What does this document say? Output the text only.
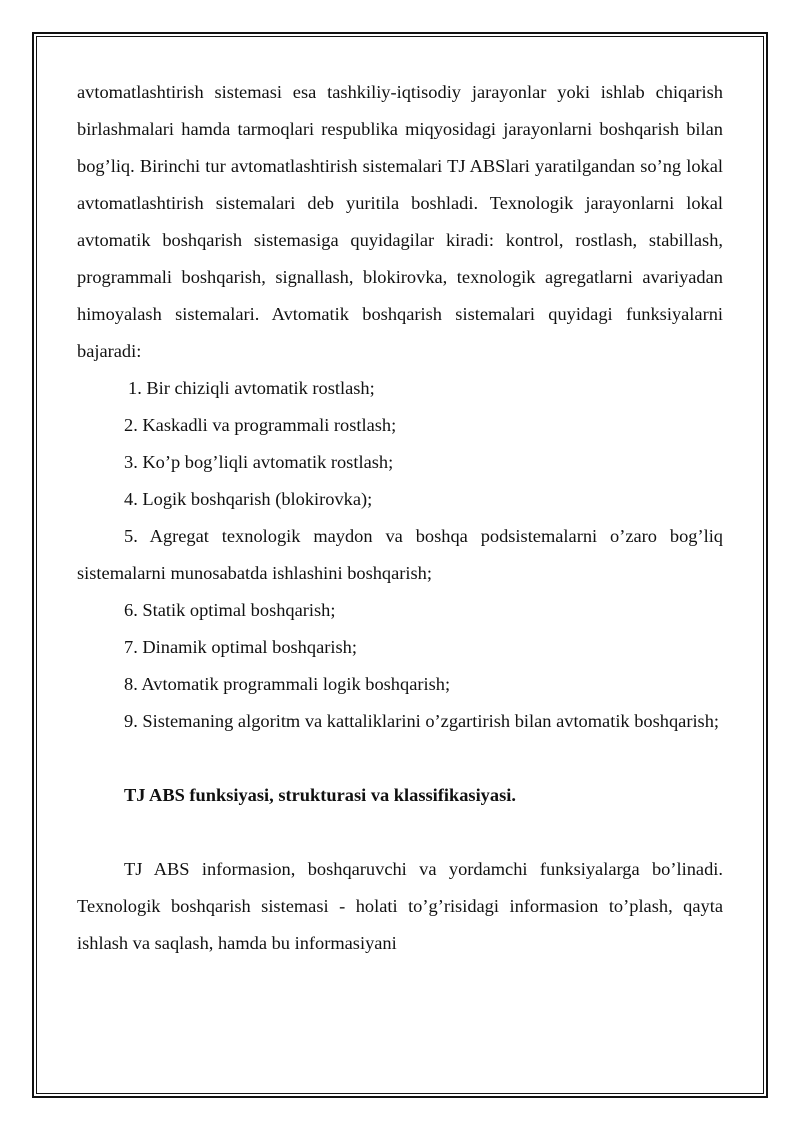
avtomatlashtirish sistemasi esa tashkiliy-iqtisodiy jarayonlar yoki ishlab chiqarish birlashmalari hamda tarmoqlari respublika miqyosidagi jarayonlarni boshqarish bilan bog’liq. Birinchi tur avtomatlashtirish sistemalari TJ ABSlari yaratilgandan so’ng lokal avtomatlashtirish sistemalari deb yuritila boshladi. Texnologik jarayonlarni lokal avtomatik boshqarish sistemasiga quyidagilar kiradi: kontrol, rostlash, stabillash, programmali boshqarish, signallash, blokirovka, texnologik agregatlarni avariyadan himoyalash sistemalari. Avtomatik boshqarish sistemalari quyidagi funksiyalarni bajaradi:

1. Bir chiziqli avtomatik rostlash;

2. Kaskadli va programmali rostlash;

3. Ko’p bog’liqli avtomatik rostlash;

4. Logik boshqarish (blokirovka);

5. Agregat texnologik maydon va boshqa podsistemalarni o’zaro bog’liq sistemalarni munosabatda ishlashini boshqarish;

6. Statik optimal boshqarish;

7. Dinamik optimal boshqarish;

8. Avtomatik programmali logik boshqarish;

9. Sistemaning algoritm va kattaliklarini o’zgartirish bilan avtomatik boshqarish;

TJ ABS funksiyasi, strukturasi va klassifikasiyasi.

TJ ABS informasion, boshqaruvchi va yordamchi funksiyalarga bo’linadi. Texnologik boshqarish sistemasi - holati to’g’risidagi informasion to’plash, qayta ishlash va saqlash, hamda bu informasiyani
